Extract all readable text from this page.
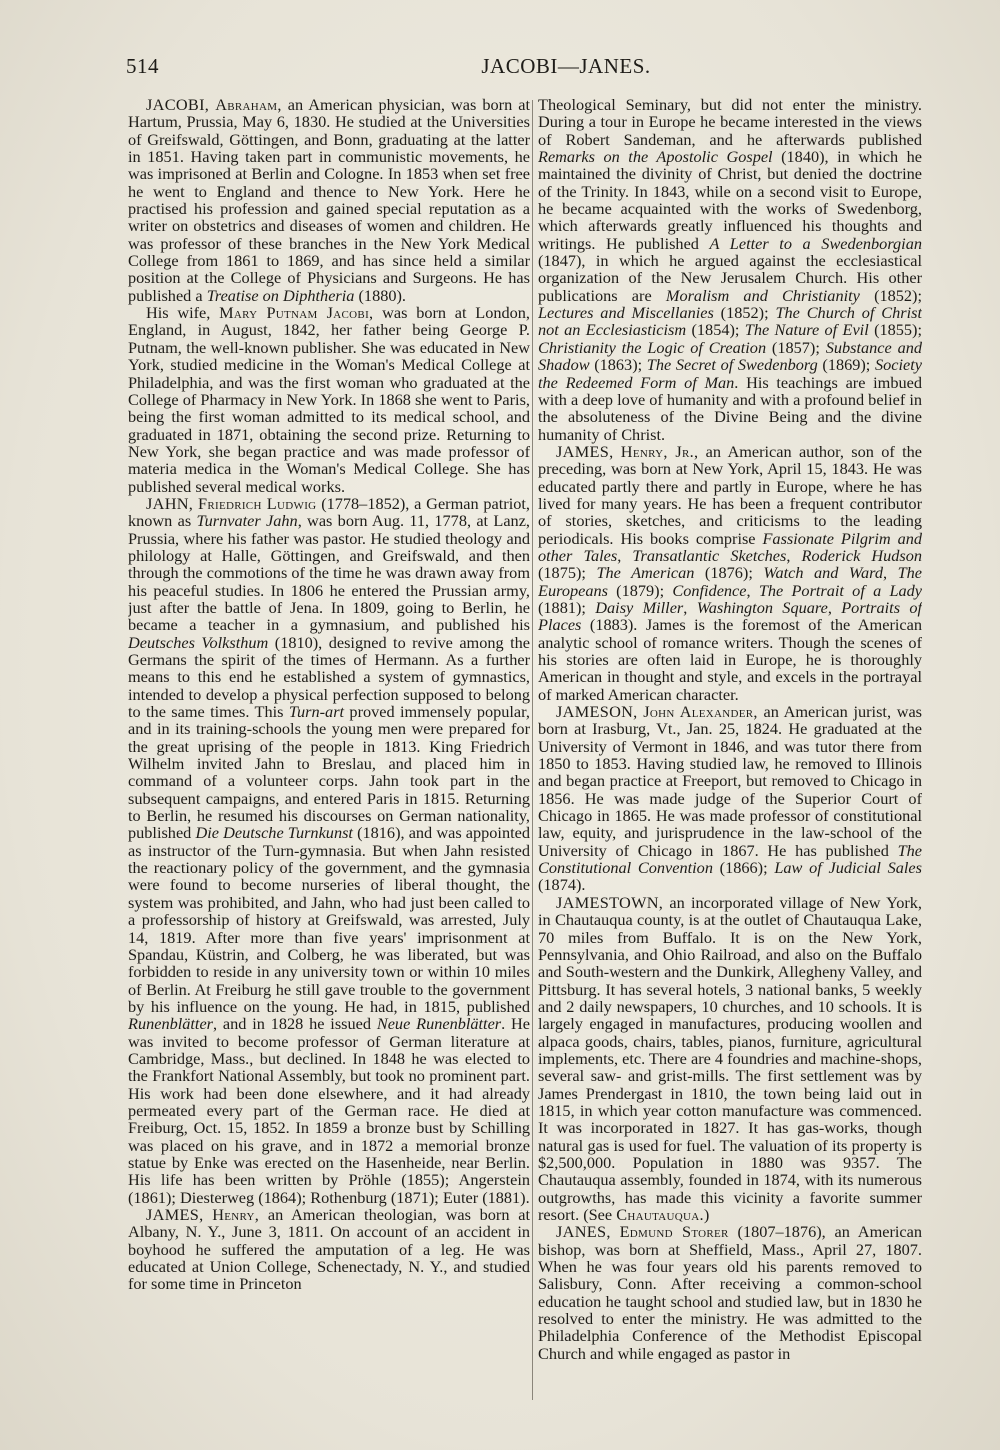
514	JACOBI—JANES.

JACOBI, Abraham, an American physician, was born at Hartum, Prussia, May 6, 1830. He studied at the Universities of Greifswald, Göttingen, and Bonn, graduating at the latter in 1851. Having taken part in communistic movements, he was imprisoned at Berlin and Cologne. In 1853 when set free he went to England and thence to New York. Here he practised his profession and gained special reputation as a writer on obstetrics and diseases of women and children. He was professor of these branches in the New York Medical College from 1861 to 1869, and has since held a similar position at the College of Physicians and Surgeons. He has published a Treatise on Diphtheria (1880).

His wife, Mary Putnam Jacobi, was born at London, England, in August, 1842, her father being George P. Putnam, the well-known publisher. She was educated in New York, studied medicine in the Woman's Medical College at Philadelphia, and was the first woman who graduated at the College of Pharmacy in New York. In 1868 she went to Paris, being the first woman admitted to its medical school, and graduated in 1871, obtaining the second prize. Returning to New York, she began practice and was made professor of materia medica in the Woman's Medical College. She has published several medical works.

JAHN, Friedrich Ludwig (1778–1852), a German patriot, known as Turnvater Jahn, was born Aug. 11, 1778, at Lanz, Prussia, where his father was pastor. He studied theology and philology at Halle, Göttingen, and Greifswald, and then through the commotions of the time he was drawn away from his peaceful studies. In 1806 he entered the Prussian army, just after the battle of Jena. In 1809, going to Berlin, he became a teacher in a gymnasium, and published his Deutsches Volksthum (1810), designed to revive among the Germans the spirit of the times of Hermann. As a further means to this end he established a system of gymnastics, intended to develop a physical perfection supposed to belong to the same times. This Turn-art proved immensely popular, and in its training-schools the young men were prepared for the great uprising of the people in 1813. King Friedrich Wilhelm invited Jahn to Breslau, and placed him in command of a volunteer corps. Jahn took part in the subsequent campaigns, and entered Paris in 1815. Returning to Berlin, he resumed his discourses on German nationality, published Die Deutsche Turnkunst (1816), and was appointed as instructor of the Turn-gymnasia. But when Jahn resisted the reactionary policy of the government, and the gymnasia were found to become nurseries of liberal thought, the system was prohibited, and Jahn, who had just been called to a professorship of history at Greifswald, was arrested, July 14, 1819. After more than five years' imprisonment at Spandau, Küstrin, and Colberg, he was liberated, but was forbidden to reside in any university town or within 10 miles of Berlin. At Freiburg he still gave trouble to the government by his influence on the young. He had, in 1815, published Runenblätter, and in 1828 he issued Neue Runenblätter. He was invited to become professor of German literature at Cambridge, Mass., but declined. In 1848 he was elected to the Frankfort National Assembly, but took no prominent part. His work had been done elsewhere, and it had already permeated every part of the German race. He died at Freiburg, Oct. 15, 1852. In 1859 a bronze bust by Schilling was placed on his grave, and in 1872 a memorial bronze statue by Enke was erected on the Hasenheide, near Berlin. His life has been written by Pröhle (1855); Angerstein (1861); Diesterweg (1864); Rothenburg (1871); Euter (1881).

JAMES, Henry, an American theologian, was born at Albany, N. Y., June 3, 1811. On account of an accident in boyhood he suffered the amputation of a leg. He was educated at Union College, Schenectady, N. Y., and studied for some time in Princeton

Theological Seminary, but did not enter the ministry. During a tour in Europe he became interested in the views of Robert Sandeman, and he afterwards published Remarks on the Apostolic Gospel (1840), in which he maintained the divinity of Christ, but denied the doctrine of the Trinity. In 1843, while on a second visit to Europe, he became acquainted with the works of Swedenborg, which afterwards greatly influenced his thoughts and writings. He published A Letter to a Swedenborgian (1847), in which he argued against the ecclesiastical organization of the New Jerusalem Church. His other publications are Moralism and Christianity (1852); Lectures and Miscellanies (1852); The Church of Christ not an Ecclesiasticism (1854); The Nature of Evil (1855); Christianity the Logic of Creation (1857); Substance and Shadow (1863); The Secret of Swedenborg (1869); Society the Redeemed Form of Man. His teachings are imbued with a deep love of humanity and with a profound belief in the absoluteness of the Divine Being and the divine humanity of Christ.

JAMES, Henry, Jr., an American author, son of the preceding, was born at New York, April 15, 1843. He was educated partly there and partly in Europe, where he has lived for many years. He has been a frequent contributor of stories, sketches, and criticisms to the leading periodicals. His books comprise Fassionate Pilgrim and other Tales, Transatlantic Sketches, Roderick Hudson (1875); The American (1876); Watch and Ward, The Europeans (1879); Confidence, The Portrait of a Lady (1881); Daisy Miller, Washington Square, Portraits of Places (1883). James is the foremost of the American analytic school of romance writers. Though the scenes of his stories are often laid in Europe, he is thoroughly American in thought and style, and excels in the portrayal of marked American character.

JAMESON, John Alexander, an American jurist, was born at Irasburg, Vt., Jan. 25, 1824. He graduated at the University of Vermont in 1846, and was tutor there from 1850 to 1853. Having studied law, he removed to Illinois and began practice at Freeport, but removed to Chicago in 1856. He was made judge of the Superior Court of Chicago in 1865. He was made professor of constitutional law, equity, and jurisprudence in the law-school of the University of Chicago in 1867. He has published The Constitutional Convention (1866); Law of Judicial Sales (1874).

JAMESTOWN, an incorporated village of New York, in Chautauqua county, is at the outlet of Chautauqua Lake, 70 miles from Buffalo. It is on the New York, Pennsylvania, and Ohio Railroad, and also on the Buffalo and South-western and the Dunkirk, Allegheny Valley, and Pittsburg. It has several hotels, 3 national banks, 5 weekly and 2 daily newspapers, 10 churches, and 10 schools. It is largely engaged in manufactures, producing woollen and alpaca goods, chairs, tables, pianos, furniture, agricultural implements, etc. There are 4 foundries and machine-shops, several saw- and grist-mills. The first settlement was by James Prendergast in 1810, the town being laid out in 1815, in which year cotton manufacture was commenced. It was incorporated in 1827. It has gas-works, though natural gas is used for fuel. The valuation of its property is $2,500,000. Population in 1880 was 9357. The Chautauqua assembly, founded in 1874, with its numerous outgrowths, has made this vicinity a favorite summer resort. (See Chautauqua.)

JANES, Edmund Storer (1807–1876), an American bishop, was born at Sheffield, Mass., April 27, 1807. When he was four years old his parents removed to Salisbury, Conn. After receiving a common-school education he taught school and studied law, but in 1830 he resolved to enter the ministry. He was admitted to the Philadelphia Conference of the Methodist Episcopal Church and while engaged as pastor in
